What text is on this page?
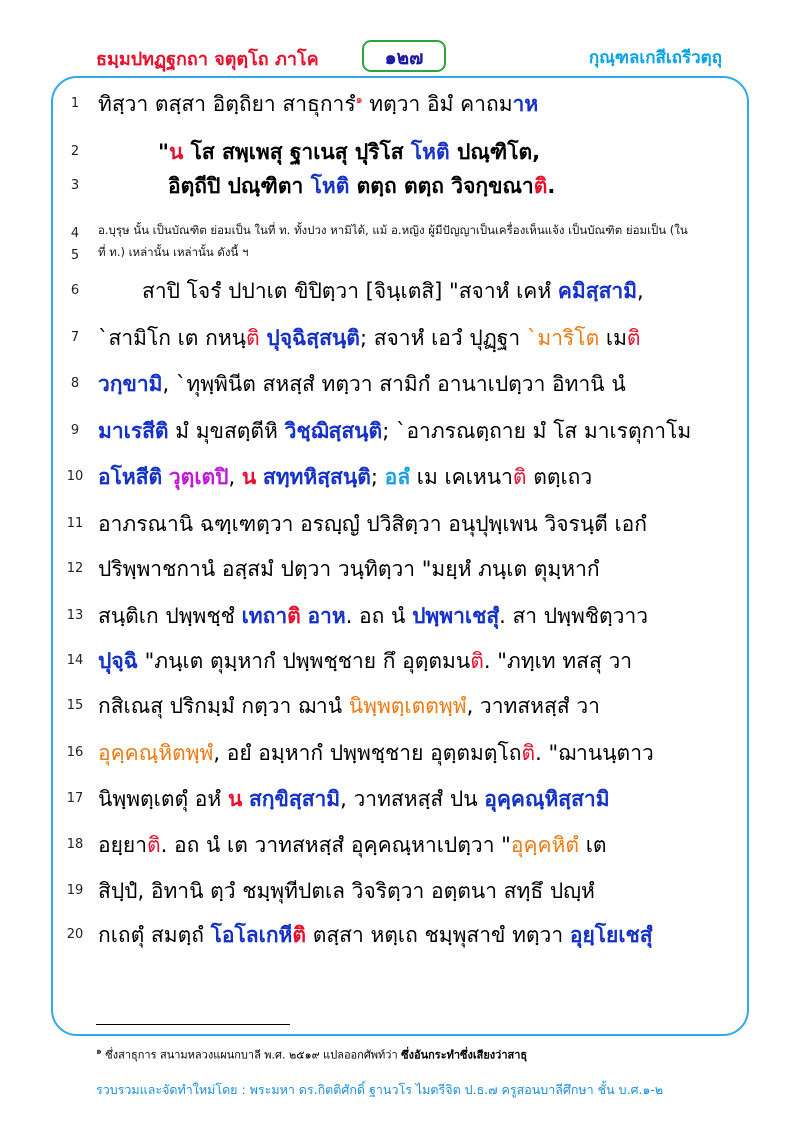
ธมฺมปทฏฺฐกถา จตุตฺโถ ภาโค	๑๒๗	กุณฺฑลเกสีเถรีวตฺถุ
1 ทิสฺวา ตสฺสา อิตฺถิยา สาธุการํ$^๑$ ทตฺวา อิมํ คาถมาห
2	"น โส สพฺเพสุ ฐาเนสุ ปุริโส โหติ ปณฺฑิโต,
3	อิตฺถีปิ ปณฺฑิตา โหติ ตตฺถ ตตฺถ วิจกฺขณาติ.
6	สาปิ โจรํ ปปาเต ขิปิตฺวา [จินฺเตสิ] "สจาหํ เคหํ คมิสฺสามิ,
7 `สามิโก เต กหนฺติ ปุจฺฉิสฺสนฺติ; สจาหํ เอวํ ปุฏฺฐา `มาริโต เมติ
8 วกฺขามิ, `ทุพฺพินีต สหสฺสํ ทตฺวา สามิกํ อานาเปตฺวา อิทานิ นํ
9 มาเรสีติ มํ มุขสตฺตีหิ วิชฺฌิสฺสนฺติ; `อาภรณตฺถาย มํ โส มาเรตุกาโม
10 อโหสีติ วุตฺเตปิ, น สทฺทหิสฺสนฺติ; อลํ เม เคเหนาติ ตตฺเถว
11 อาภรณานิ ฉฑฺเฑตฺวา อรญฺญํ ปวิสิตฺวา อนุปุพฺเพน วิจรนฺตี เอกํ
12 ปริพฺพาชกานํ อสฺสมํ ปตฺวา วนฺทิตฺวา "มยฺหํ ภนฺเต ตุมฺหากํ
13 สนฺติเก ปพฺพชฺชํ เทถาติ อาห. อถ นํ ปพฺพาเชสุํ. สา ปพฺพชิตฺวาว
14 ปุจฺฉิ "ภนฺเต ตุมฺหากํ ปพฺพชฺชาย กึ อุตฺตมนติ. "ภทฺเท ทสสุ วา
15 กสิเณสุ ปริกมฺมํ กตฺวา ฌานํ นิพฺพตฺเตตพฺพํ, วาทสหสฺสํ วา
16 อุคฺคณฺหิตพฺพํ, อยํ อมฺหากํ ปพฺพชฺชาย อุตฺตมตฺโถติ. "ฌานนฺตาว
17 นิพฺพตฺเตตุํ อหํ น สกฺขิสฺสามิ, วาทสหสฺสํ ปน อุคฺคณฺหิสฺสามิ
18 อยฺยาติ. อถ นํ เต วาทสหสฺสํ อุคฺคณฺหาเปตฺวา "อุคฺคหิตํ เต
19 สิปฺปํ, อิทานิ ตฺวํ ชมฺพุทีปตเล วิจริตฺวา อตฺตนา สทฺธึ ปญฺหํ
20 กเถตุํ สมตฺถํ โอโลเกหีติ ตสฺสา หตฺเถ ชมฺพุสาขํ ทตฺวา อุยฺโยเชสุํ
4	อ.บุรุษ นั้น เป็นบัณฑิต ย่อมเป็น ในที่ ท. ทั้งปวง หามิได้, แม้ อ.หญิง ผู้มีปัญญาเป็นเครื่องเห็นแจ้ง เป็นบัณฑิต ย่อมเป็น (ใน
5	ที่ ท.) เหล่านั้น เหล่านั้น ดังนี้ ฯ
$^๑$ ซึ่งสาธุการ สนามหลวงแผนกบาลี พ.ศ. ๒๕๑๙ แปลออกศัพท์ว่า ซึ่งอันกระทำซึ่งเสียงว่าสาธุ
รวบรวมและจัดทำใหม่โดย : พระมหา ดร.กิตติศักดิ์ ฐานวโร ไมตรีจิต ป.ธ.๗ ครูสอนบาลีศึกษา ชั้น บ.ศ.๑-๒
